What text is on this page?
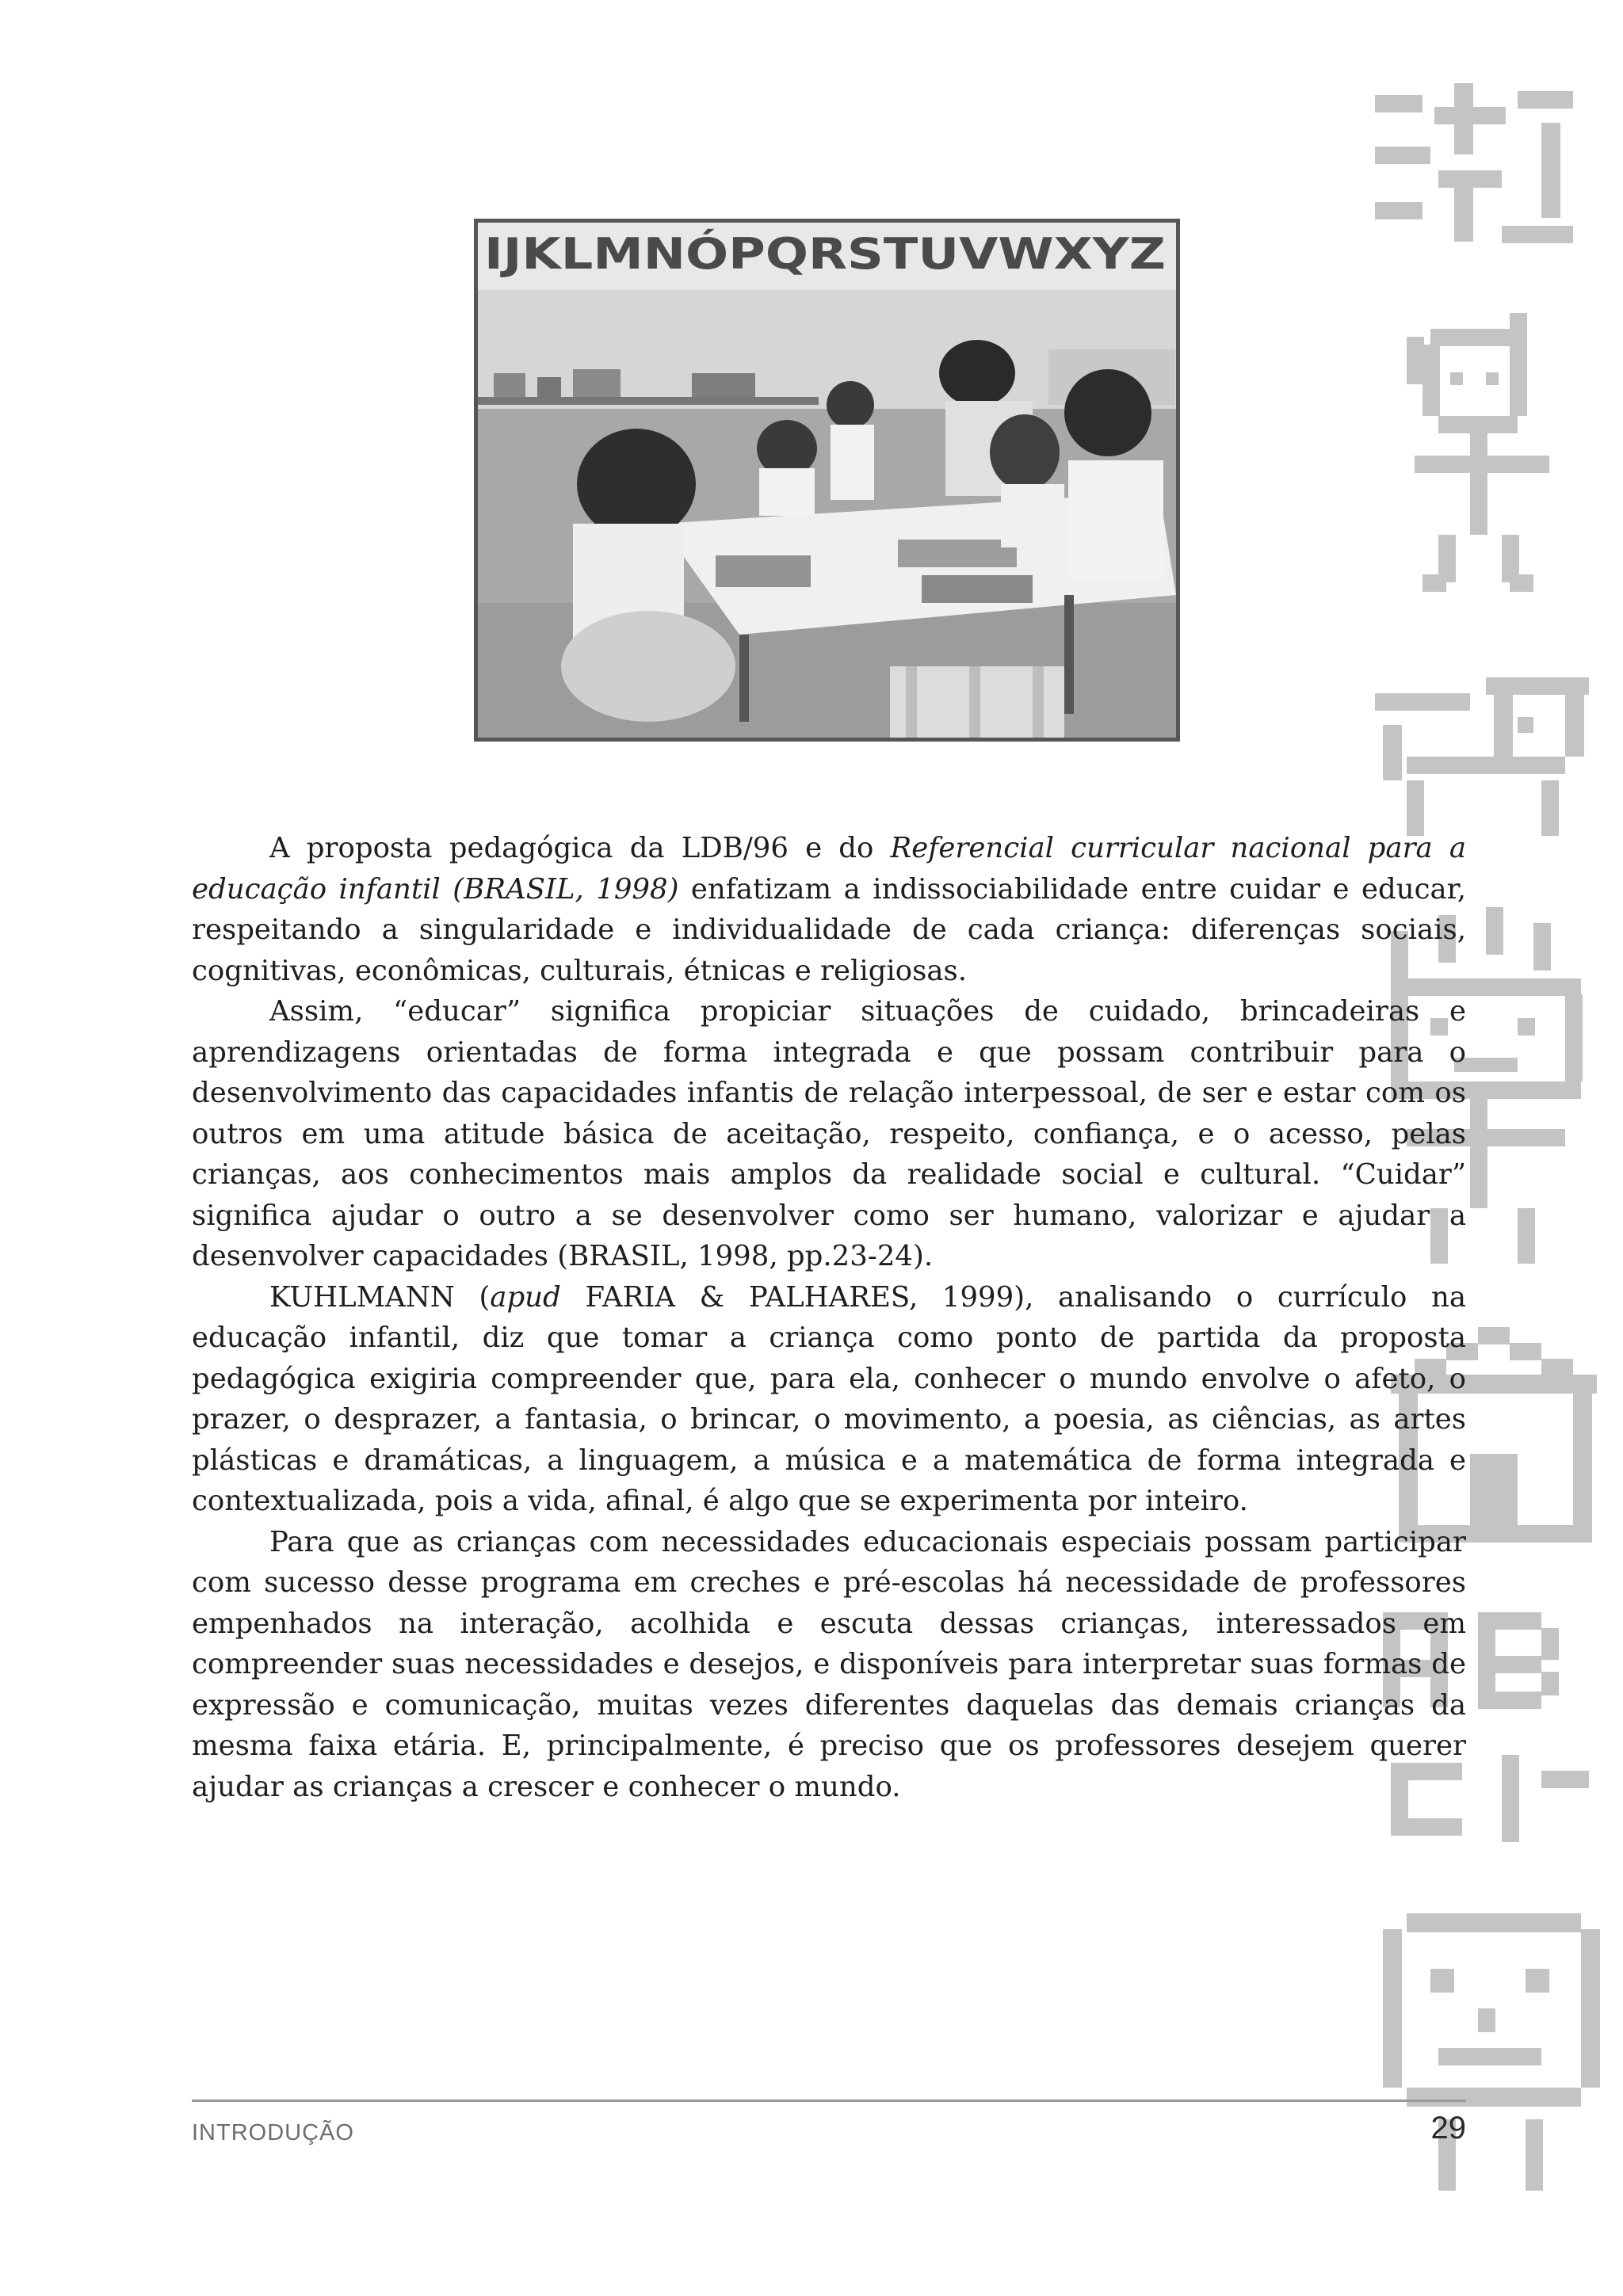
IJKLMNÓPQRSTUVWXYZ

A proposta pedagógica da LDB/96 e do Referencial curricular nacional para a educação infantil (BRASIL, 1998) enfatizam a indissociabilidade entre cuidar e educar, respeitando a singularidade e individualidade de cada criança: diferenças sociais, cognitivas, econômicas, culturais, étnicas e religiosas.

Assim, “educar” significa propiciar situações de cuidado, brincadeiras e aprendizagens orientadas de forma integrada e que possam contribuir para o desenvolvimento das capacidades infantis de relação interpessoal, de ser e estar com os outros em uma atitude básica de aceitação, respeito, confiança, e o acesso, pelas crianças, aos conhecimentos mais amplos da realidade social e cultural. “Cuidar” significa ajudar o outro a se desenvolver como ser humano, valorizar e ajudar a desenvolver capacidades (BRASIL, 1998, pp.23-24).

KUHLMANN (apud FARIA & PALHARES, 1999), analisando o currículo na educação infantil, diz que tomar a criança como ponto de partida da proposta pedagógica exigiria compreender que, para ela, conhecer o mundo envolve o afeto, o prazer, o desprazer, a fantasia, o brincar, o movimento, a poesia, as ciências, as artes plásticas e dramáticas, a linguagem, a música e a matemática de forma integrada e contextualizada, pois a vida, afinal, é algo que se experimenta por inteiro.

Para que as crianças com necessidades educacionais especiais possam participar com sucesso desse programa em creches e pré-escolas há necessidade de professores empenhados na interação, acolhida e escuta dessas crianças, interessados em compreender suas necessidades e desejos, e disponíveis para interpretar suas formas de expressão e comunicação, muitas vezes diferentes daquelas das demais crianças da mesma faixa etária. E, principalmente, é preciso que os professores desejem querer ajudar as crianças a crescer e conhecer o mundo.

INTRODUÇÃO	29
